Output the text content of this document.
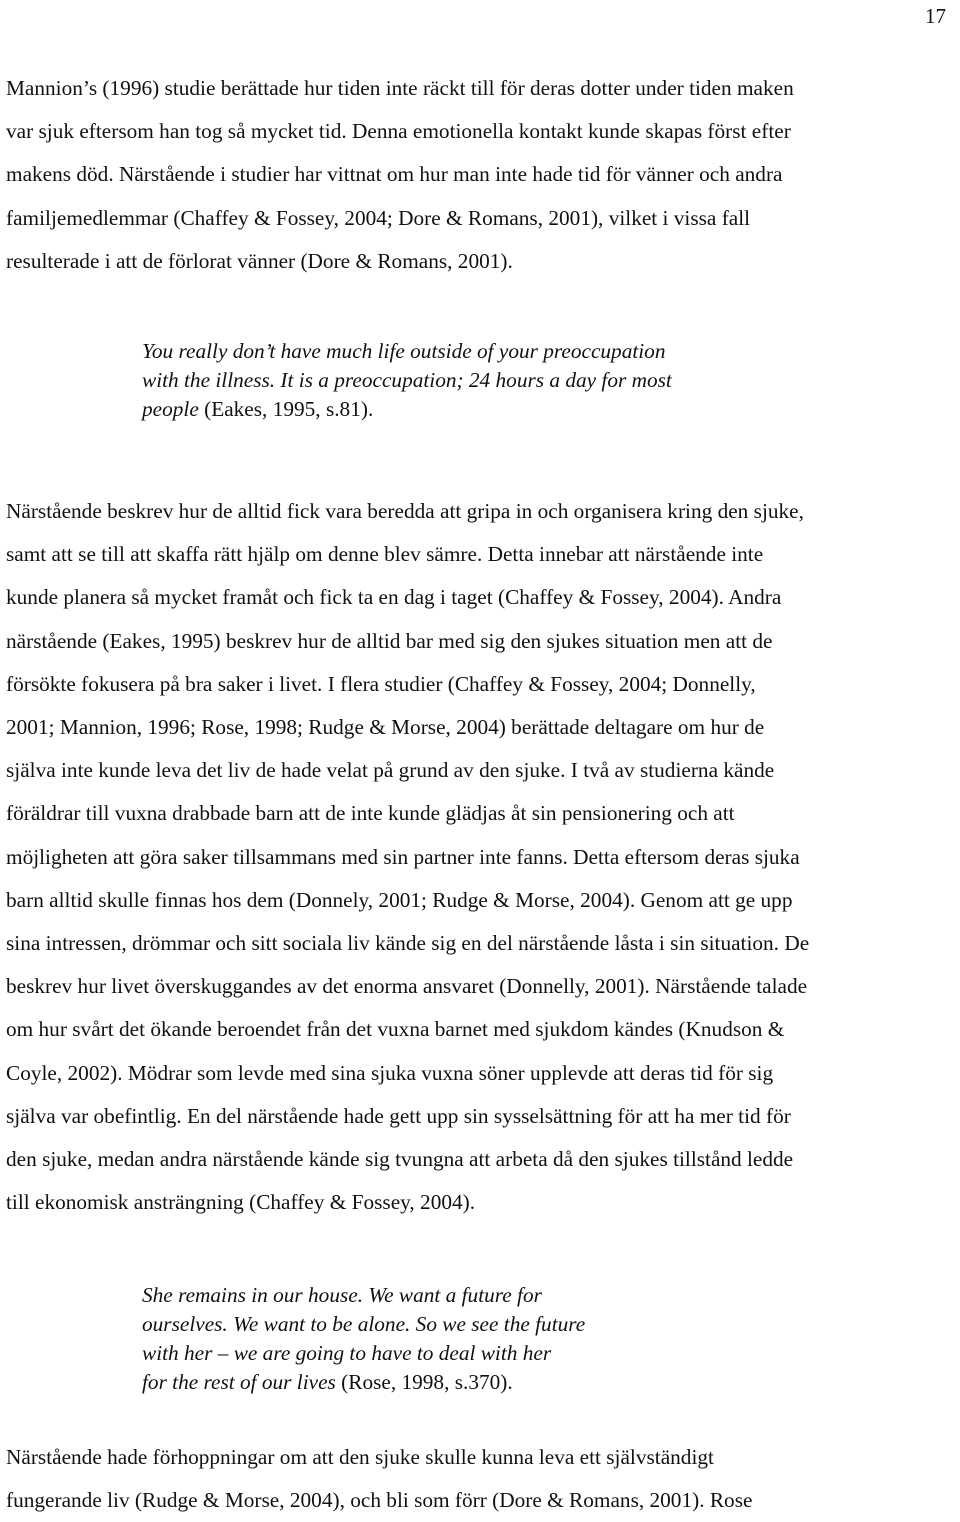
17

Mannion’s (1996) studie berättade hur tiden inte räckt till för deras dotter under tiden maken
var sjuk eftersom han tog så mycket tid. Denna emotionella kontakt kunde skapas först efter
makens död. Närstående i studier har vittnat om hur man inte hade tid för vänner och andra
familjemedlemmar (Chaffey & Fossey, 2004; Dore & Romans, 2001), vilket i vissa fall
resulterade i att de förlorat vänner (Dore & Romans, 2001).

You really don’t have much life outside of your preoccupation
with the illness. It is a preoccupation; 24 hours a day for most
people (Eakes, 1995, s.81).

Närstående beskrev hur de alltid fick vara beredda att gripa in och organisera kring den sjuke,
samt att se till att skaffa rätt hjälp om denne blev sämre. Detta innebar att närstående inte
kunde planera så mycket framåt och fick ta en dag i taget (Chaffey & Fossey, 2004). Andra
närstående (Eakes, 1995) beskrev hur de alltid bar med sig den sjukes situation men att de
försökte fokusera på bra saker i livet. I flera studier (Chaffey & Fossey, 2004; Donnelly,
2001; Mannion, 1996; Rose, 1998; Rudge & Morse, 2004) berättade deltagare om hur de
själva inte kunde leva det liv de hade velat på grund av den sjuke. I två av studierna kände
föräldrar till vuxna drabbade barn att de inte kunde glädjas åt sin pensionering och att
möjligheten att göra saker tillsammans med sin partner inte fanns. Detta eftersom deras sjuka
barn alltid skulle finnas hos dem (Donnely, 2001; Rudge & Morse, 2004). Genom att ge upp
sina intressen, drömmar och sitt sociala liv kände sig en del närstående låsta i sin situation. De
beskrev hur livet överskuggandes av det enorma ansvaret (Donnelly, 2001). Närstående talade
om hur svårt det ökande beroendet från det vuxna barnet med sjukdom kändes (Knudson &
Coyle, 2002). Mödrar som levde med sina sjuka vuxna söner upplevde att deras tid för sig
själva var obefintlig. En del närstående hade gett upp sin sysselsättning för att ha mer tid för
den sjuke, medan andra närstående kände sig tvungna att arbeta då den sjukes tillstånd ledde
till ekonomisk ansträngning (Chaffey & Fossey, 2004).

She remains in our house. We want a future for
ourselves. We want to be alone. So we see the future
with her – we are going to have to deal with her
for the rest of our lives (Rose, 1998, s.370).

Närstående hade förhoppningar om att den sjuke skulle kunna leva ett självständigt
fungerande liv (Rudge & Morse, 2004), och bli som förr (Dore & Romans, 2001). Rose
